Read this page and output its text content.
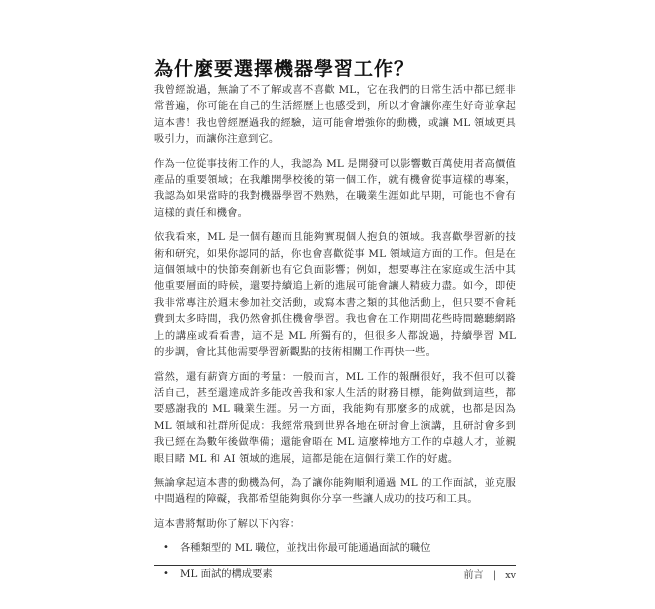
為什麼要選擇機器學習工作？

我曾經說過，無論了不了解或喜不喜歡 ML，它在我們的日常生活中都已經非常普遍，你可能在自己的生活經歷上也感受到，所以才會讓你產生好奇並拿起這本書！我也曾經歷過我的經驗，這可能會增強你的動機，或讓 ML 領域更具吸引力，而讓你注意到它。

作為一位從事技術工作的人，我認為 ML 是開發可以影響數百萬使用者高價值產品的重要領域；在我離開學校後的第一個工作，就有機會從事這樣的專案，我認為如果當時的我對機器學習不熟熟，在職業生涯如此早期，可能也不會有這樣的責任和機會。

依我看來，ML 是一個有趣而且能夠實現個人抱負的領域。我喜歡學習新的技術和研究，如果你認同的話，你也會喜歡從事 ML 領域這方面的工作。但是在這個領域中的快節奏創新也有它負面影響；例如，想要專注在家庭或生活中其他重要層面的時候，還要持續追上新的進展可能會讓人精疲力盡。如今，即使我非常專注於週末參加社交活動，或寫本書之類的其他活動上，但只要不會耗費到太多時間，我仍然會抓住機會學習。我也會在工作期間花些時間聽聽網路上的講座或看看書，這不是 ML 所獨有的，但很多人都說過，持續學習 ML 的步調，會比其他需要學習新觀點的技術相關工作再快一些。

當然，還有薪資方面的考量：一般而言，ML 工作的報酬很好，我不但可以養活自己，甚至還達成許多能改善我和家人生活的財務目標，能夠做到這些，都要感謝我的 ML 職業生涯。另一方面，我能夠有那麼多的成就，也都是因為 ML 領域和社群所促成：我經常飛到世界各地在研討會上演講，且研討會多到我已經在為數年後做準備；還能會晤在 ML 這麼棒地方工作的卓越人才，並親眼目睹 ML 和 AI 領域的進展，這都是能在這個行業工作的好處。

無論拿起這本書的動機為何，為了讓你能夠順利通過 ML 的工作面試，並克服中間過程的障礙，我都希望能夠與你分享一些讓人成功的技巧和工具。

這本書將幫助你了解以下內容：

• 各種類型的 ML 職位，並找出你最可能通過面試的職位
• ML 面試的構成要素	前言 | xv
